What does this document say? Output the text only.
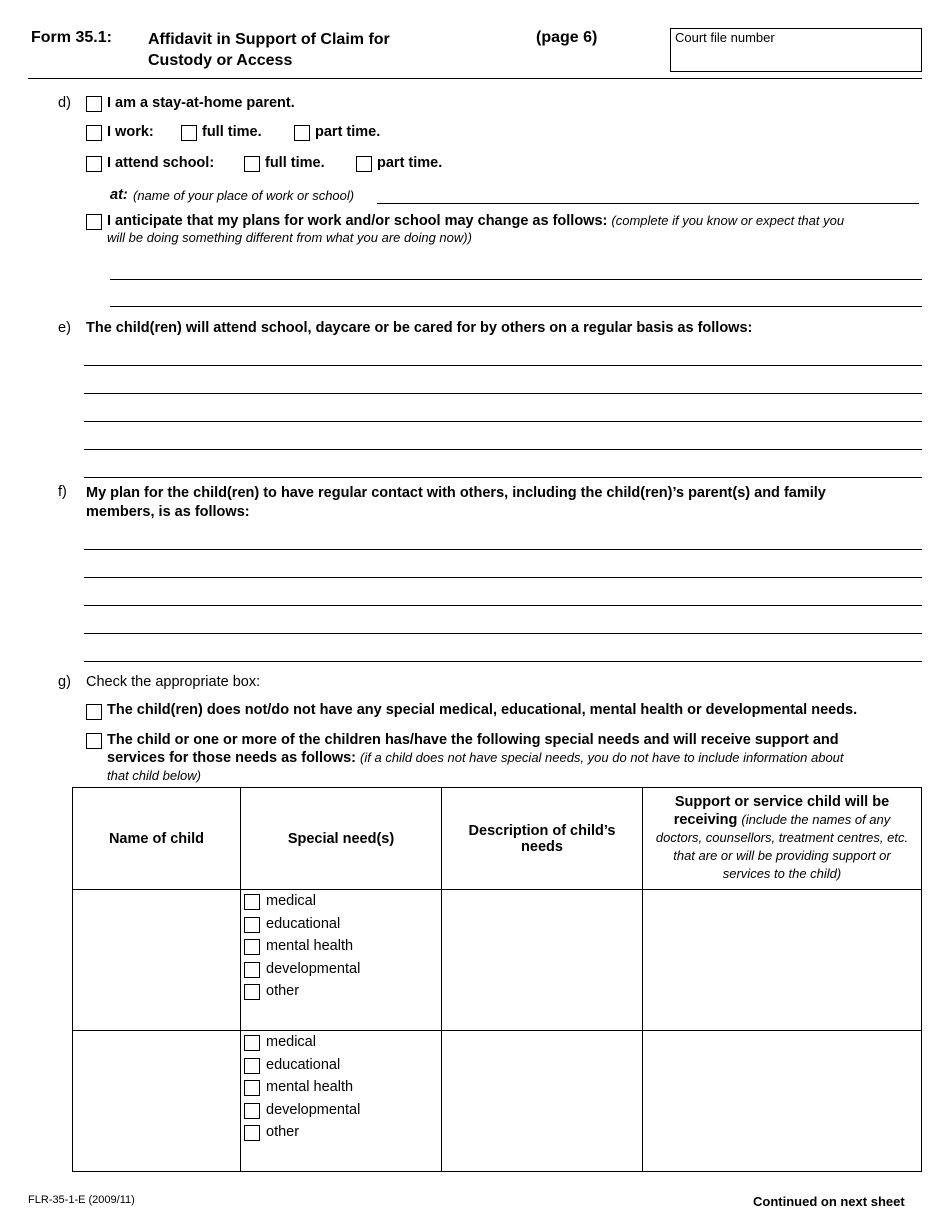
Form 35.1: Affidavit in Support of Claim for
Custody or Access
(page 6)	Court file number
d) I am a stay-at-home parent.
I work:	full time.	part time.
I attend school:	full time.	part time.
at: (name of your place of work or school)
I anticipate that my plans for work and/or school may change as follows: (complete if you know or expect that you
will be doing something different from what you are doing now))
e) The child(ren) will attend school, daycare or be cared for by others on a regular basis as follows:
f) My plan for the child(ren) to have regular contact with others, including the child(ren)’s parent(s) and family
members, is as follows:
g) Check the appropriate box:
The child(ren) does not/do not have any special medical, educational, mental health or developmental needs.
The child or one or more of the children has/have the following special needs and will receive support and
services for those needs as follows: (if a child does not have special needs, you do not have to include information about
that child below)
Name of child	Special need(s)	Description of child’s needs	Support or service child will be receiving (include the names of any doctors, counsellors, treatment centres, etc. that are or will be providing support or services to the child)

	medical
educational
mental health
developmental
other		

	medical
educational
mental health
developmental
other		

FLR-35-1-E (2009/11)	Continued on next sheet
